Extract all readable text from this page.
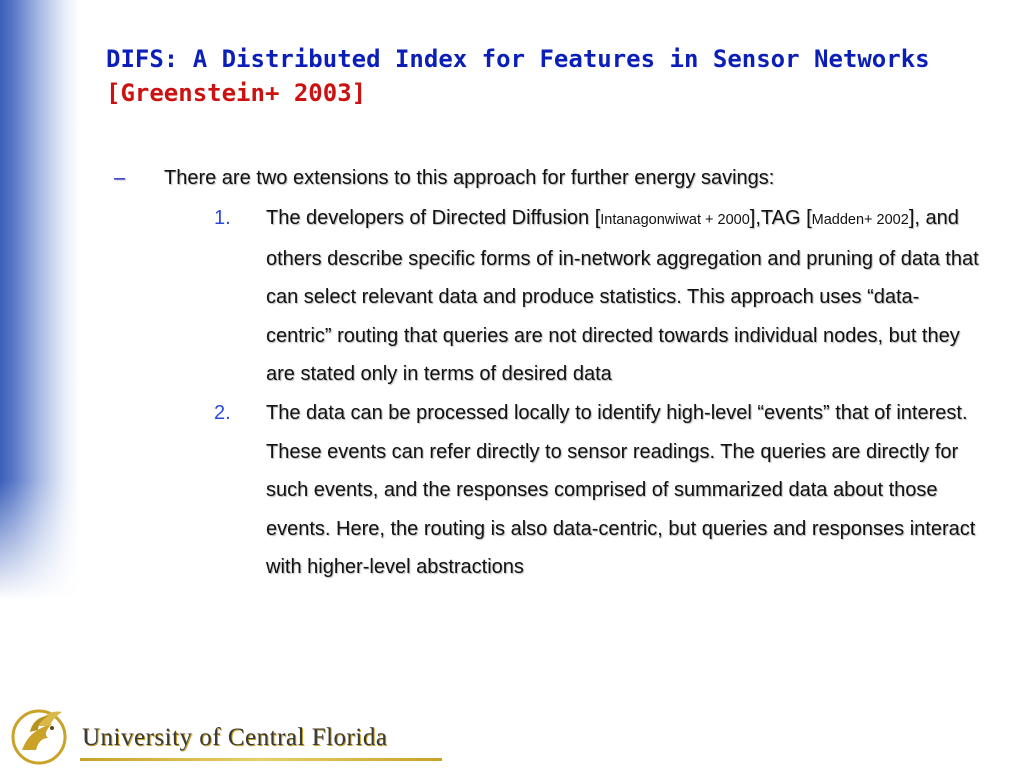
DIFS: A Distributed Index for Features in Sensor Networks [Greenstein+ 2003]
– There are two extensions to this approach for further energy savings:
1. The developers of Directed Diffusion [Intanagonwiwat + 2000],TAG [Madden+ 2002], and others describe specific forms of in-network aggregation and pruning of data that can select relevant data and produce statistics. This approach uses “data-centric” routing that queries are not directed towards individual nodes, but they are stated only in terms of desired data
2. The data can be processed locally to identify high-level “events” that of interest. These events can refer directly to sensor readings. The queries are directly for such events, and the responses comprised of summarized data about those events. Here, the routing is also data-centric, but queries and responses interact with higher-level abstractions
University of Central Florida
